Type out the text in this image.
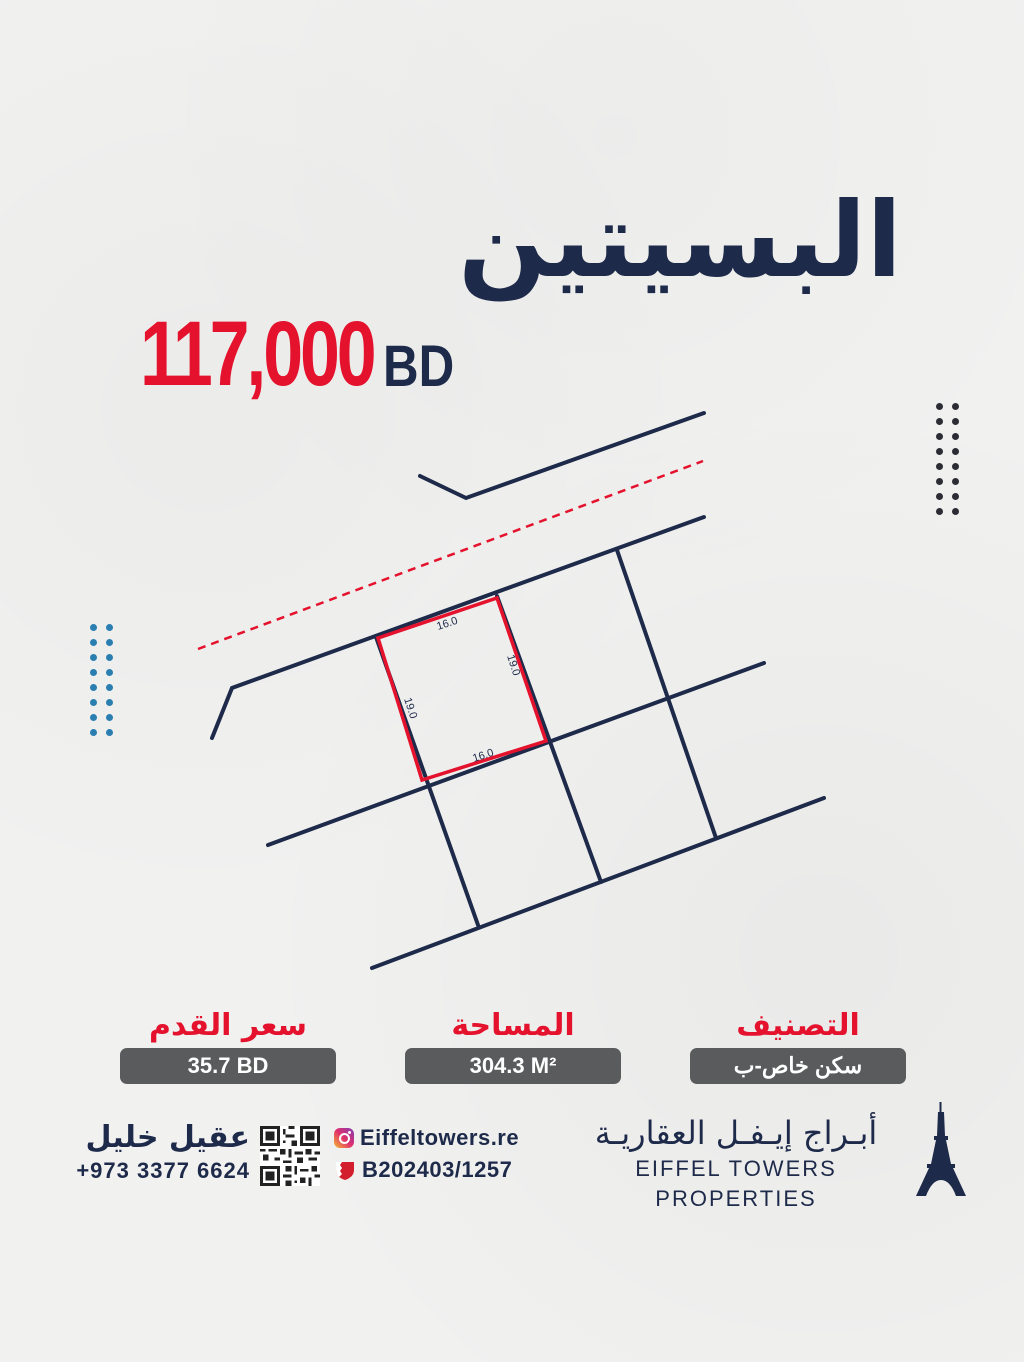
البسيتين
117,000 BD
16.0
16.0
19.0
19.0
سعر القدم
35.7 BD
المساحة
304.3 M²
التصنيف
سكن خاص-ب
عقيل خليل
+973 3377 6624
Eiffeltowers.re
B202403/1257
أبـراج إيـفـل العقاريـة
EIFFEL TOWERS PROPERTIES
